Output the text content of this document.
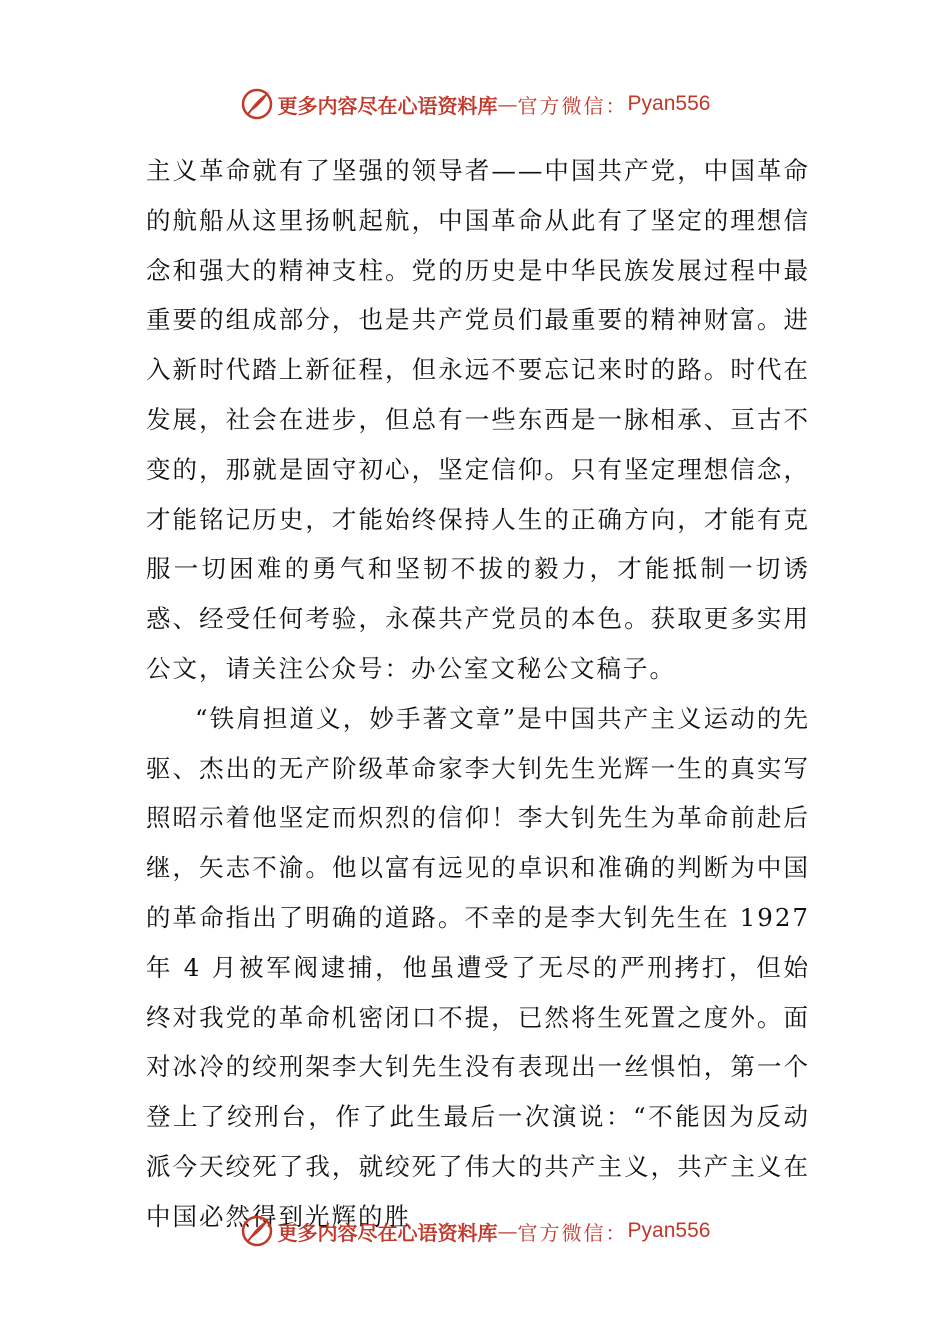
更多内容尽在心语资料库 — 官方微信： Pyan556

主义革命就有了坚强的领导者——中国共产党，中国革命的航船从这里扬帆起航，中国革命从此有了坚定的理想信念和强大的精神支柱。党的历史是中华民族发展过程中最重要的组成部分，也是共产党员们最重要的精神财富。进入新时代踏上新征程，但永远不要忘记来时的路。时代在发展，社会在进步，但总有一些东西是一脉相承、亘古不变的，那就是固守初心，坚定信仰。只有坚定理想信念，才能铭记历史，才能始终保持人生的正确方向，才能有克服一切困难的勇气和坚韧不拔的毅力，才能抵制一切诱惑、经受任何考验，永葆共产党员的本色。获取更多实用公文，请关注公众号：办公室文秘公文稿子。

“铁肩担道义，妙手著文章”是中国共产主义运动的先驱、杰出的无产阶级革命家李大钊先生光辉一生的真实写照昭示着他坚定而炽烈的信仰！李大钊先生为革命前赴后继，矢志不渝。他以富有远见的卓识和准确的判断为中国的革命指出了明确的道路。不幸的是李大钊先生在 1927 年 4 月被军阀逮捕，他虽遭受了无尽的严刑拷打，但始终对我党的革命机密闭口不提，已然将生死置之度外。面对冰冷的绞刑架李大钊先生没有表现出一丝惧怕，第一个登上了绞刑台，作了此生最后一次演说：“不能因为反动派今天绞死了我，就绞死了伟大的共产主义，共产主义在中国必然得到光辉的胜

更多内容尽在心语资料库 — 官方微信： Pyan556
